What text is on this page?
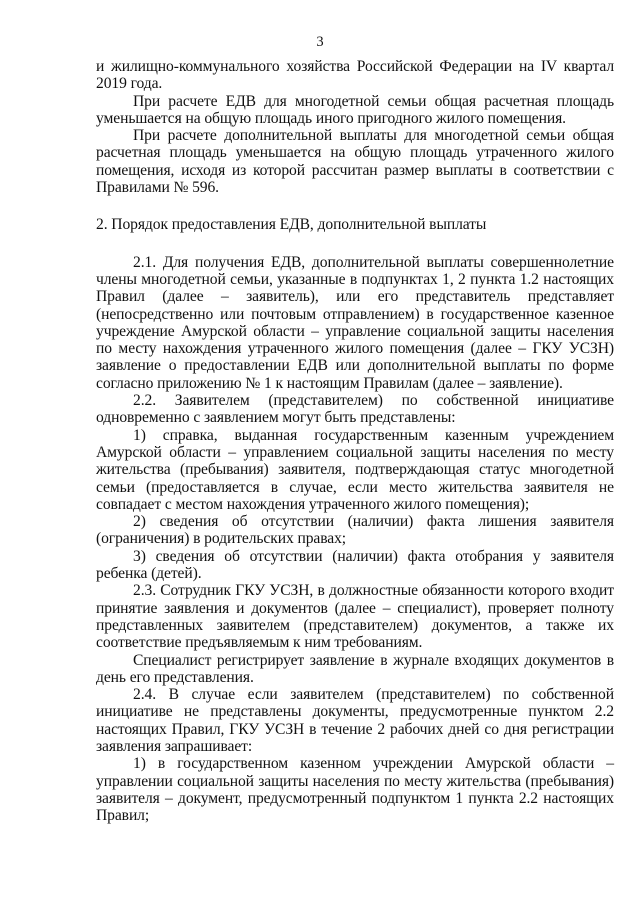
3

и жилищно-коммунального хозяйства Российской Федерации на IV квартал 2019 года.

При расчете ЕДВ для многодетной семьи общая расчетная площадь уменьшается на общую площадь иного пригодного жилого помещения.

При расчете дополнительной выплаты для многодетной семьи общая расчетная площадь уменьшается на общую площадь утраченного жилого помещения, исходя из которой рассчитан размер выплаты в соответствии с Правилами № 596.

2. Порядок предоставления ЕДВ, дополнительной выплаты

2.1. Для получения ЕДВ, дополнительной выплаты совершеннолетние члены многодетной семьи, указанные в подпунктах 1, 2 пункта 1.2 настоящих Правил (далее – заявитель), или его представитель представляет (непосредственно или почтовым отправлением) в государственное казенное учреждение Амурской области – управление социальной защиты населения по месту нахождения утраченного жилого помещения (далее – ГКУ УСЗН) заявление о предоставлении ЕДВ или дополнительной выплаты по форме согласно приложению № 1 к настоящим Правилам (далее – заявление).

2.2. Заявителем (представителем) по собственной инициативе одновременно с заявлением могут быть представлены:

1) справка, выданная государственным казенным учреждением Амурской области – управлением социальной защиты населения по месту жительства (пребывания) заявителя, подтверждающая статус многодетной семьи (предоставляется в случае, если место жительства заявителя не совпадает с местом нахождения утраченного жилого помещения);

2) сведения об отсутствии (наличии) факта лишения заявителя (ограничения) в родительских правах;

3) сведения об отсутствии (наличии) факта отобрания у заявителя ребенка (детей).

2.3. Сотрудник ГКУ УСЗН, в должностные обязанности которого входит принятие заявления и документов (далее – специалист), проверяет полноту представленных заявителем (представителем) документов, а также их соответствие предъявляемым к ним требованиям.

Специалист регистрирует заявление в журнале входящих документов в день его представления.

2.4. В случае если заявителем (представителем) по собственной инициативе не представлены документы, предусмотренные пунктом 2.2 настоящих Правил, ГКУ УСЗН в течение 2 рабочих дней со дня регистрации заявления запрашивает:

1) в государственном казенном учреждении Амурской области – управлении социальной защиты населения по месту жительства (пребывания) заявителя – документ, предусмотренный подпунктом 1 пункта 2.2 настоящих Правил;
